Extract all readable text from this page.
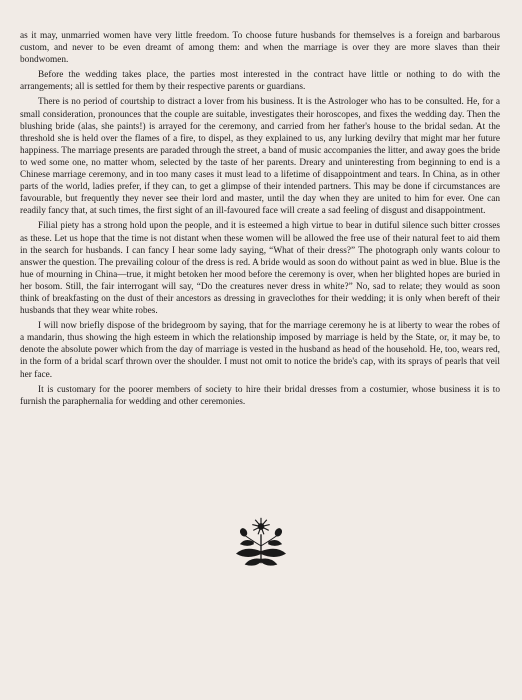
as it may, unmarried women have very little freedom. To choose future husbands for themselves is a foreign and barbarous custom, and never to be even dreamt of among them: and when the marriage is over they are more slaves than their bondwomen.

Before the wedding takes place, the parties most interested in the contract have little or nothing to do with the arrangements; all is settled for them by their respective parents or guardians.

There is no period of courtship to distract a lover from his business. It is the Astrologer who has to be consulted. He, for a small consideration, pronounces that the couple are suitable, investigates their horoscopes, and fixes the wedding day. Then the blushing bride (alas, she paints!) is arrayed for the ceremony, and carried from her father's house to the bridal sedan. At the threshold she is held over the flames of a fire, to dispel, as they explained to us, any lurking devilry that might mar her future happiness. The marriage presents are paraded through the street, a band of music accompanies the litter, and away goes the bride to wed some one, no matter whom, selected by the taste of her parents. Dreary and uninteresting from beginning to end is a Chinese marriage ceremony, and in too many cases it must lead to a lifetime of disappointment and tears. In China, as in other parts of the world, ladies prefer, if they can, to get a glimpse of their intended partners. This may be done if circumstances are favourable, but frequently they never see their lord and master, until the day when they are united to him for ever. One can readily fancy that, at such times, the first sight of an ill-favoured face will create a sad feeling of disgust and disappointment.

Filial piety has a strong hold upon the people, and it is esteemed a high virtue to bear in dutiful silence such bitter crosses as these. Let us hope that the time is not distant when these women will be allowed the free use of their natural feet to aid them in the search for husbands. I can fancy I hear some lady saying, “What of their dress?” The photograph only wants colour to answer the question. The prevailing colour of the dress is red. A bride would as soon do without paint as wed in blue. Blue is the hue of mourning in China—true, it might betoken her mood before the ceremony is over, when her blighted hopes are buried in her bosom. Still, the fair interrogant will say, “Do the creatures never dress in white?” No, sad to relate; they would as soon think of breakfasting on the dust of their ancestors as dressing in graveclothes for their wedding; it is only when bereft of their husbands that they wear white robes.

I will now briefly dispose of the bridegroom by saying, that for the marriage ceremony he is at liberty to wear the robes of a mandarin, thus showing the high esteem in which the relationship imposed by marriage is held by the State, or, it may be, to denote the absolute power which from the day of marriage is vested in the husband as head of the household. He, too, wears red, in the form of a bridal scarf thrown over the shoulder. I must not omit to notice the bride's cap, with its sprays of pearls that veil her face.

It is customary for the poorer members of society to hire their bridal dresses from a costumier, whose business it is to furnish the paraphernalia for wedding and other ceremonies.
